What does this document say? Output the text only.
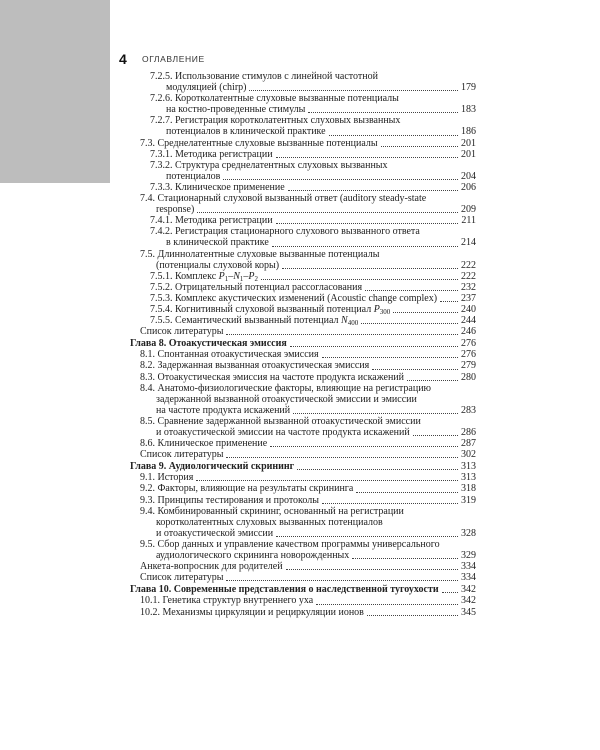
4 ОГЛАВЛЕНИЕ
7.2.5. Использование стимулов с линейной частотной
модуляцией (chirp)	179
7.2.6. Коротколатентные слуховые вызванные потенциалы
на костно-проведенные стимулы	183
7.2.7. Регистрация коротколатентных слуховых вызванных
потенциалов в клинической практике	186
7.3. Среднелатентные слуховые вызванные потенциалы	201
7.3.1. Методика регистрации	201
7.3.2. Структура среднелатентных слуховых вызванных
потенциалов	204
7.3.3. Клиническое применение	206
7.4. Стационарный слуховой вызванный ответ (auditory steady-state
response)	209
7.4.1. Методика регистрации	211
7.4.2. Регистрация стационарного слухового вызванного ответа
в клинической практике	214
7.5. Длиннолатентные слуховые вызванные потенциалы
(потенциалы слуховой коры)	222
7.5.1. Комплекс $P_1-N_1-P_2$	222
7.5.2. Отрицательный потенциал рассогласования	232
7.5.3. Комплекс акустических изменений (Acoustic change complex) 237
7.5.4. Когнитивный слуховой вызванный потенциал $P_{300}$	240
7.5.5. Семантический вызванный потенциал $N_{400}$	244
Список литературы	246
Глава 8. Отоакустическая эмиссия	276
8.1. Спонтанная отоакустическая эмиссия	276
8.2. Задержанная вызванная отоакустическая эмиссия	279
8.3. Отоакустическая эмиссия на частоте продукта искажений	280
8.4. Анатомо-физиологические факторы, влияющие на регистрацию
задержанной вызванной отоакустической эмиссии и эмиссии
на частоте продукта искажений	283
8.5. Сравнение задержанной вызванной отоакустической эмиссии
и отоакустической эмиссии на частоте продукта искажений	286
8.6. Клиническое применение	287
Список литературы	302
Глава 9. Аудиологический скрининг	313
9.1. История	313
9.2. Факторы, влияющие на результаты скрининга	318
9.3. Принципы тестирования и протоколы	319
9.4. Комбинированный скрининг, основанный на регистрации
коротколатентных слуховых вызванных потенциалов
и отоакустической эмиссии	328
9.5. Сбор данных и управление качеством программы универсального
аудиологического скрининга новорожденных	329
Анкета-вопросник для родителей	334
Список литературы	334
Глава 10. Современные представления о наследственной тугоухости 342
10.1. Генетика структур внутреннего уха	342
10.2. Механизмы циркуляции и рециркуляции ионов	345
